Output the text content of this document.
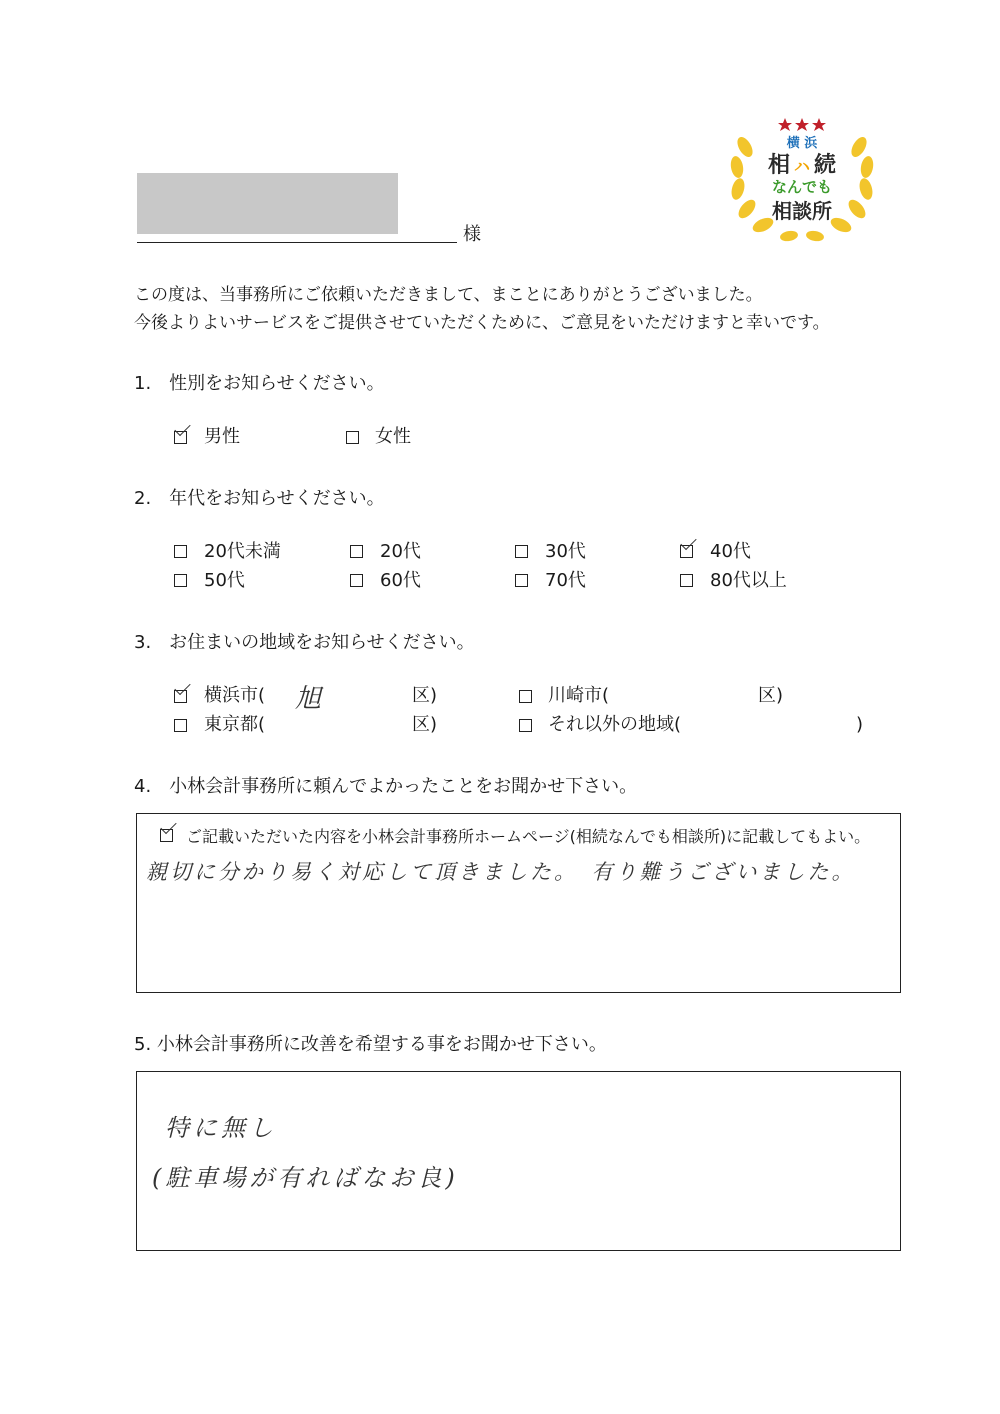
様
横 浜
相 ハ 続
なんでも
相談所
この度は、当事務所にご依頼いただきまして、まことにありがとうございました。
今後よりよいサービスをご提供させていただくために、ご意見をいただけますと幸いです。
1.　性別をお知らせください。
男性	女性
2.　年代をお知らせください。
20代未満	20代	30代	40代
50代	60代	70代	80代以上
3.　お住まいの地域をお知らせください。
横浜市( 旭	区)	川崎市(	区)
東京都(	区)	それ以外の地域(	)
4.　小林会計事務所に頼んでよかったことをお聞かせ下さい。
ご記載いただいた内容を小林会計事務所ホームページ(相続なんでも相談所)に記載してもよい。
親切に分かり易く対応して頂きました。　有り難うございました。
5. 小林会計事務所に改善を希望する事をお聞かせ下さい。
特に無し
(駐車場が有ればなお良)
